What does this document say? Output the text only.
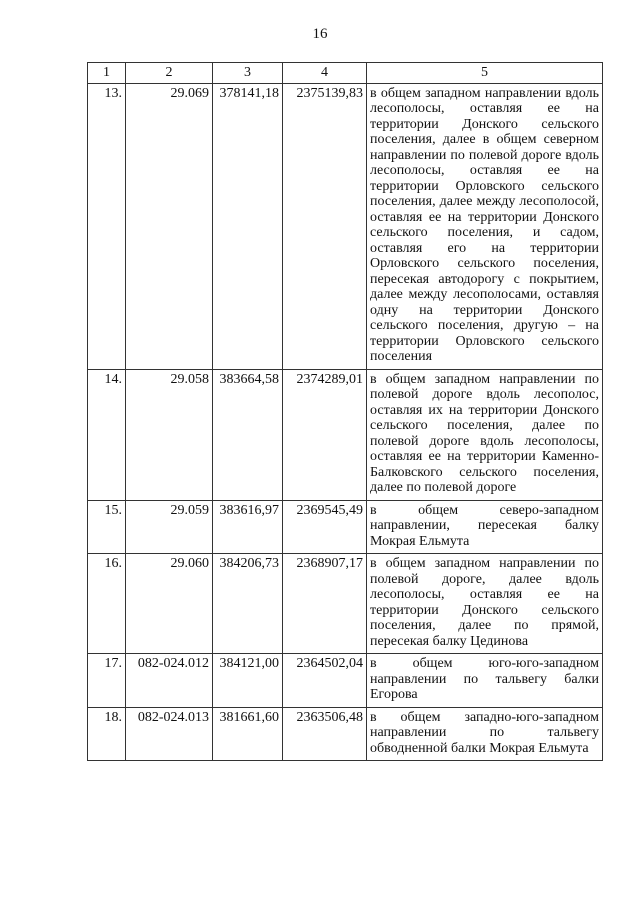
16
1	2	3	4	5
13.	29.069	378141,18	2375139,83	в общем западном направлении вдоль лесополосы, оставляя ее на территории Донского сельского поселения, далее в общем северном направлении по полевой дороге вдоль лесополосы, оставляя ее на территории Орловского сельского поселения, далее между лесополосой, оставляя ее на территории Донского сельского поселения, и садом, оставляя его на территории Орловского сельского поселения, пересекая автодорогу с покрытием, далее между лесополосами, оставляя одну на территории Донского сельского поселения, другую – на территории Орловского сельского поселения
14.	29.058	383664,58	2374289,01	в общем западном направлении по полевой дороге вдоль лесополос, оставляя их на территории Донского сельского поселения, далее по полевой дороге вдоль лесополосы, оставляя ее на территории Каменно-Балковского сельского поселения, далее по полевой дороге
15.	29.059	383616,97	2369545,49	в общем северо-западном направлении, пересекая балку Мокрая Ельмута
16.	29.060	384206,73	2368907,17	в общем западном направлении по полевой дороге, далее вдоль лесополосы, оставляя ее на территории Донского сельского поселения, далее по прямой, пересекая балку Цединова
17.	082-024.012	384121,00	2364502,04	в общем юго-юго-западном направлении по тальвегу балки Егорова
18.	082-024.013	381661,60	2363506,48	в общем западно-юго-западном направлении по тальвегу обводненной балки Мокрая Ельмута
